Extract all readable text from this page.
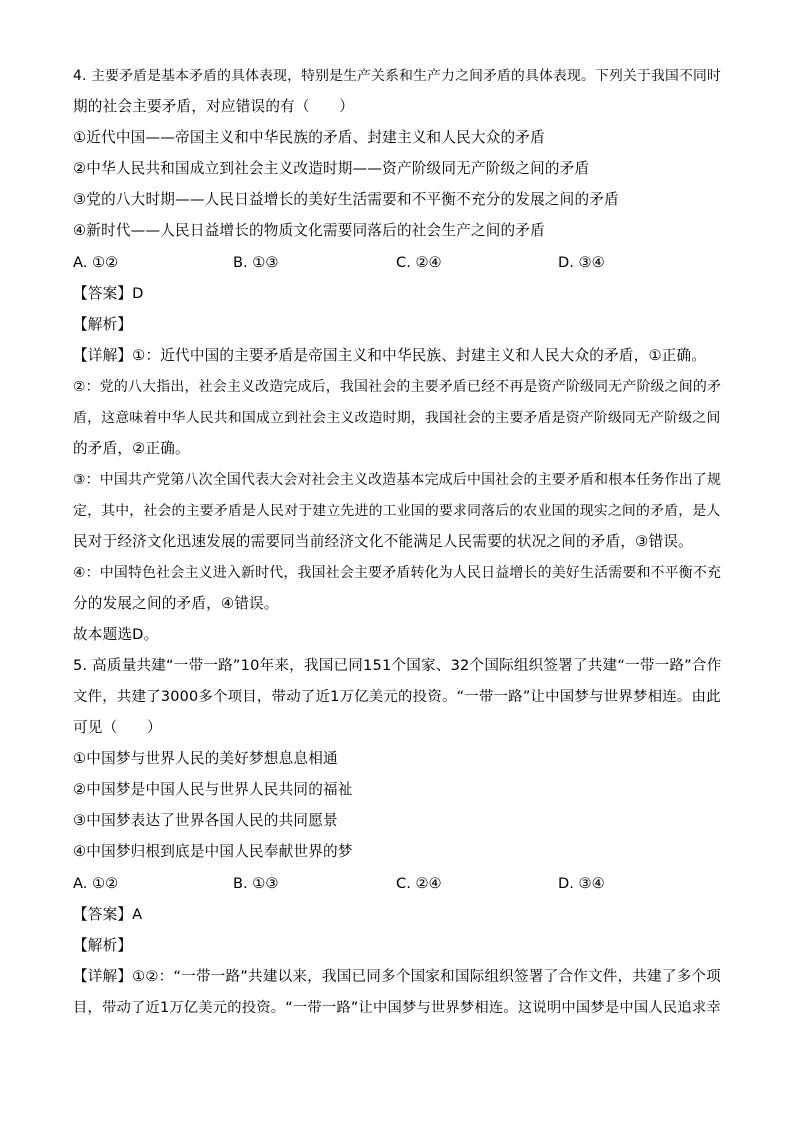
4. 主要矛盾是基本矛盾的具体表现，特别是生产关系和生产力之间矛盾的具体表现。下列关于我国不同时
期的社会主要矛盾，对应错误的有（　　）
①近代中国——帝国主义和中华民族的矛盾、封建主义和人民大众的矛盾
②中华人民共和国成立到社会主义改造时期——资产阶级同无产阶级之间的矛盾
③党的八大时期——人民日益增长的美好生活需要和不平衡不充分的发展之间的矛盾
④新时代——人民日益增长的物质文化需要同落后的社会生产之间的矛盾
A. ①②	B. ①③	C. ②④	D. ③④
【答案】D
【解析】
【详解】①：近代中国的主要矛盾是帝国主义和中华民族、封建主义和人民大众的矛盾，①正确。
②：党的八大指出，社会主义改造完成后，我国社会的主要矛盾已经不再是资产阶级同无产阶级之间的矛
盾，这意味着中华人民共和国成立到社会主义改造时期，我国社会的主要矛盾是资产阶级同无产阶级之间
的矛盾，②正确。
③：中国共产党第八次全国代表大会对社会主义改造基本完成后中国社会的主要矛盾和根本任务作出了规
定，其中，社会的主要矛盾是人民对于建立先进的工业国的要求同落后的农业国的现实之间的矛盾，是人
民对于经济文化迅速发展的需要同当前经济文化不能满足人民需要的状况之间的矛盾，③错误。
④：中国特色社会主义进入新时代，我国社会主要矛盾转化为人民日益增长的美好生活需要和不平衡不充
分的发展之间的矛盾，④错误。
故本题选D。
5. 高质量共建“一带一路”10年来，我国已同151个国家、32个国际组织签署了共建“一带一路”合作
文件，共建了3000多个项目，带动了近1万亿美元的投资。“一带一路”让中国梦与世界梦相连。由此
可见（　　）
①中国梦与世界人民的美好梦想息息相通
②中国梦是中国人民与世界人民共同的福祉
③中国梦表达了世界各国人民的共同愿景
④中国梦归根到底是中国人民奉献世界的梦
A. ①②	B. ①③	C. ②④	D. ③④
【答案】A
【解析】
【详解】①②：“一带一路”共建以来，我国已同多个国家和国际组织签署了合作文件，共建了多个项
目，带动了近1万亿美元的投资。“一带一路”让中国梦与世界梦相连。这说明中国梦是中国人民追求幸
